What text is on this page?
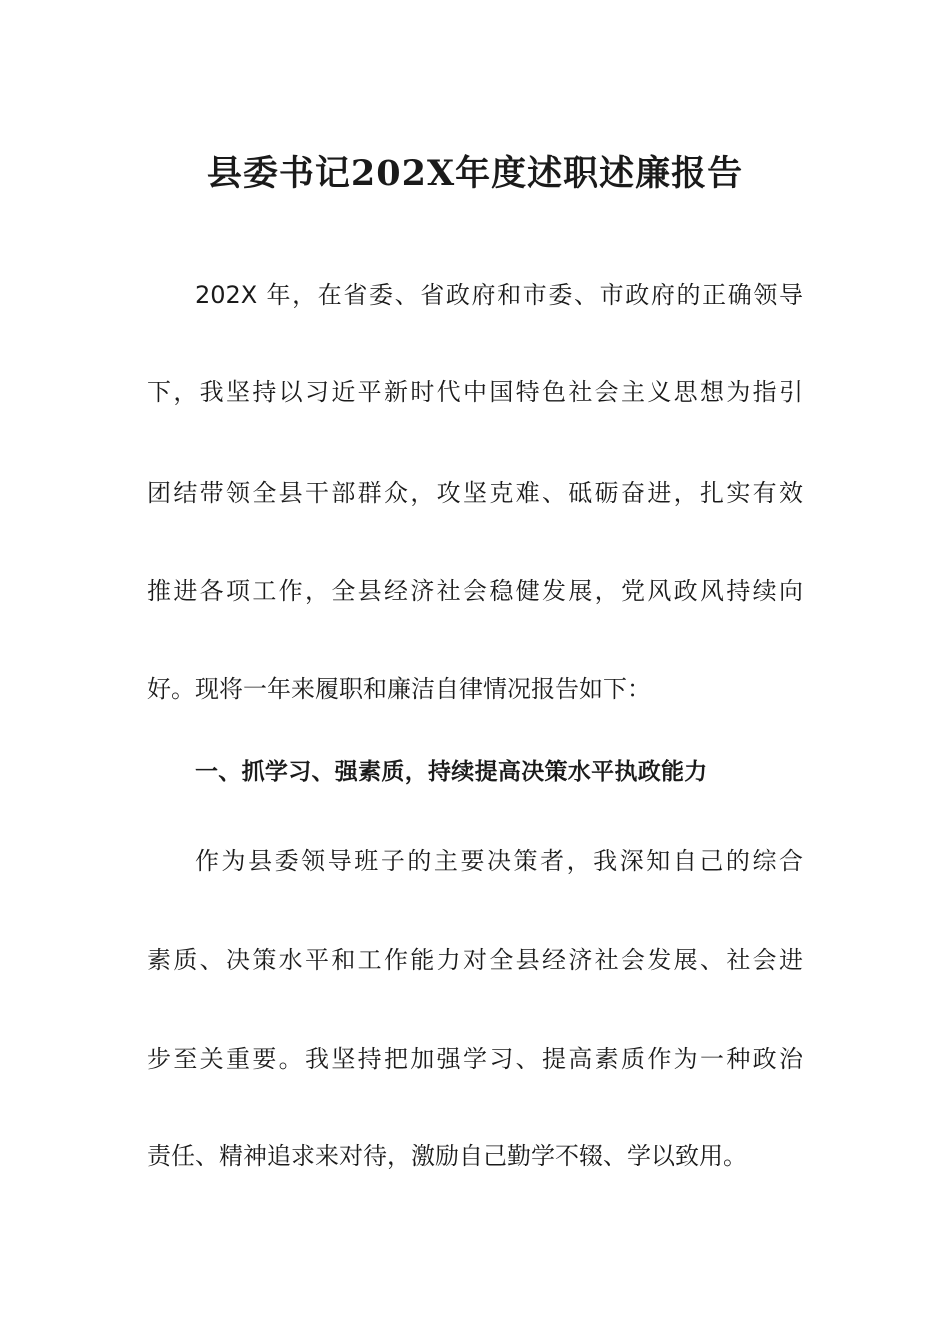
县委书记202X年度述职述廉报告
202X 年，在省委、省政府和市委、市政府的正确领导
下，我坚持以习近平新时代中国特色社会主义思想为指引
团结带领全县干部群众，攻坚克难、砥砺奋进，扎实有效
推进各项工作，全县经济社会稳健发展，党风政风持续向
好。现将一年来履职和廉洁自律情况报告如下：
一、抓学习、强素质，持续提高决策水平执政能力
作为县委领导班子的主要决策者，我深知自己的综合
素质、决策水平和工作能力对全县经济社会发展、社会进
步至关重要。我坚持把加强学习、提高素质作为一种政治
责任、精神追求来对待，激励自己勤学不辍、学以致用。
